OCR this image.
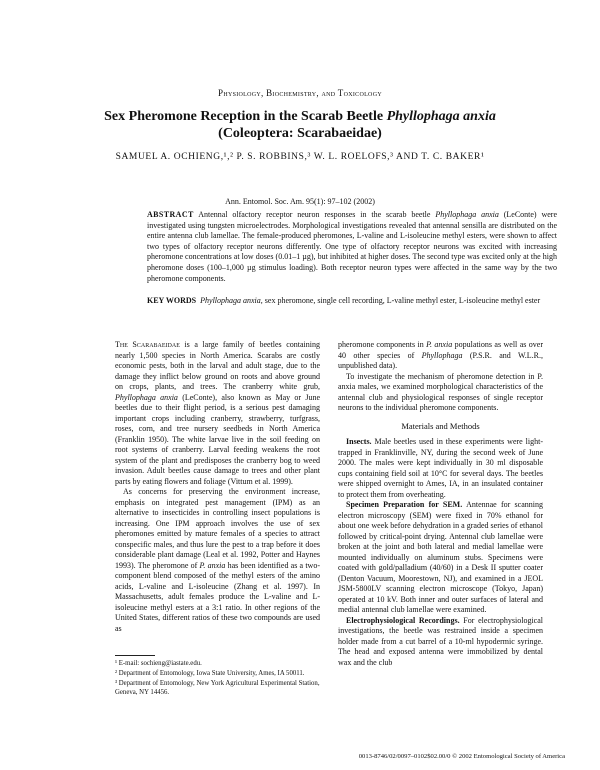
Physiology, Biochemistry, and Toxicology
Sex Pheromone Reception in the Scarab Beetle Phyllophaga anxia
(Coleoptera: Scarabaeidae)
SAMUEL A. OCHIENG,¹,² P. S. ROBBINS,³ W. L. ROELOFS,³ AND T. C. BAKER¹
Ann. Entomol. Soc. Am. 95(1): 97–102 (2002)
ABSTRACT Antennal olfactory receptor neuron responses in the scarab beetle Phyllophaga anxia (LeConte) were investigated using tungsten microelectrodes. Morphological investigations revealed that antennal sensilla are distributed on the entire antenna club lamellae. The female-produced pheromones, L-valine and L-isoleucine methyl esters, were shown to affect two types of olfactory receptor neurons differently. One type of olfactory receptor neurons was excited with increasing pheromone concentrations at low doses (0.01–1 µg), but inhibited at higher doses. The second type was excited only at the high pheromone doses (100–1,000 µg stimulus loading). Both receptor neuron types were affected in the same way by the two pheromone components.
KEY WORDS Phyllophaga anxia, sex pheromone, single cell recording, L-valine methyl ester, L-isoleucine methyl ester

The Scarabaeidae is a large family of beetles containing nearly 1,500 species in North America. Scarabs are costly economic pests, both in the larval and adult stage, due to the damage they inflict below ground on roots and above ground on crops, plants, and trees. The cranberry white grub, Phyllophaga anxia (LeConte), also known as May or June beetles due to their flight period, is a serious pest damaging important crops including cranberry, strawberry, turfgrass, roses, corn, and tree nursery seedbeds in North America (Franklin 1950). The white larvae live in the soil feeding on root systems of cranberry. Larval feeding weakens the root system of the plant and predisposes the cranberry bog to weed invasion. Adult beetles cause damage to trees and other plant parts by eating flowers and foliage (Vittum et al. 1999).

As concerns for preserving the environment increase, emphasis on integrated pest management (IPM) as an alternative to insecticides in controlling insect populations is increasing. One IPM approach involves the use of sex pheromones emitted by mature females of a species to attract conspecific males, and thus lure the pest to a trap before it does considerable plant damage (Leal et al. 1992, Potter and Haynes 1993). The pheromone of P. anxia has been identified as a two-component blend composed of the methyl esters of the amino acids, L-valine and L-isoleucine (Zhang et al. 1997). In Massachusetts, adult females produce the L-valine and L-isoleucine methyl esters at a 3:1 ratio. In other regions of the United States, different ratios of these two compounds are used as

¹ E-mail: sochieng@iastate.edu.
² Department of Entomology, Iowa State University, Ames, IA 50011.
³ Department of Entomology, New York Agricultural Experimental Station, Geneva, NY 14456.

pheromone components in P. anxia populations as well as over 40 other species of Phyllophaga (P.S.R. and W.L.R., unpublished data).

To investigate the mechanism of pheromone detection in P. anxia males, we examined morphological characteristics of the antennal club and physiological responses of single receptor neurons to the individual pheromone components.

Materials and Methods

Insects. Male beetles used in these experiments were light-trapped in Franklinville, NY, during the second week of June 2000. The males were kept individually in 30 ml disposable cups containing field soil at 10°C for several days. The beetles were shipped overnight to Ames, IA, in an insulated container to protect them from overheating.

Specimen Preparation for SEM. Antennae for scanning electron microscopy (SEM) were fixed in 70% ethanol for about one week before dehydration in a graded series of ethanol followed by critical-point drying. Antennal club lamellae were broken at the joint and both lateral and medial lamellae were mounted individually on aluminum stubs. Specimens were coated with gold/palladium (40/60) in a Desk II sputter coater (Denton Vacuum, Moorestown, NJ), and examined in a JEOL JSM-5800LV scanning electron microscope (Tokyo, Japan) operated at 10 kV. Both inner and outer surfaces of lateral and medial antennal club lamellae were examined.

Electrophysiological Recordings. For electrophysiological investigations, the beetle was restrained inside a specimen holder made from a cut barrel of a 10-ml hypodermic syringe. The head and exposed antenna were immobilized by dental wax and the club

0013-8746/02/0097–0102$02.00/0 © 2002 Entomological Society of America
